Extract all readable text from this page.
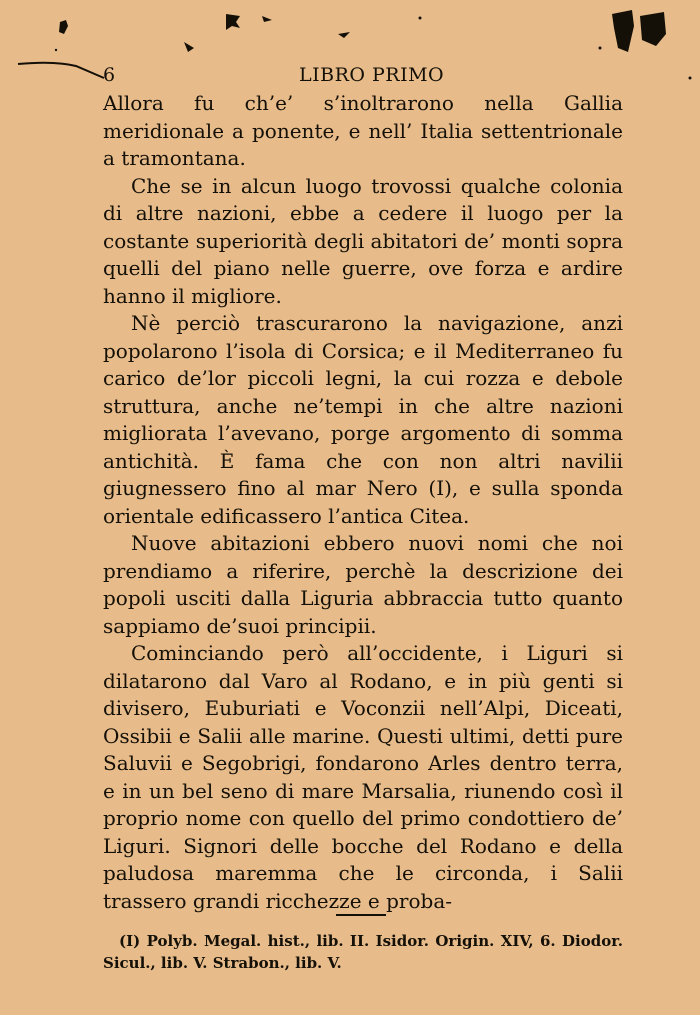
6	LIBRO PRIMO

Allora fu ch’e’ s’inoltrarono nella Gallia meridionale a ponente, e nell’ Italia settentrionale a tramontana.

Che se in alcun luogo trovossi qualche colonia di altre nazioni, ebbe a cedere il luogo per la costante superiorità degli abitatori de’ monti sopra quelli del piano nelle guerre, ove forza e ardire hanno il migliore.

Nè perciò trascurarono la navigazione, anzi popolarono l’isola di Corsica; e il Mediterraneo fu carico de’lor piccoli legni, la cui rozza e debole struttura, anche ne’tempi in che altre nazioni migliorata l’avevano, porge argomento di somma antichità. È fama che con non altri navilii giugnessero fino al mar Nero (I), e sulla sponda orientale edificassero l’antica Citea.

Nuove abitazioni ebbero nuovi nomi che noi prendiamo a riferire, perchè la descrizione dei popoli usciti dalla Liguria abbraccia tutto quanto sappiamo de’suoi principii.

Cominciando però all’occidente, i Liguri si dilatarono dal Varo al Rodano, e in più genti si divisero, Euburiati e Voconzii nell’Alpi, Diceati, Ossibii e Salii alle marine. Questi ultimi, detti pure Saluvii e Segobrigi, fondarono Arles dentro terra, e in un bel seno di mare Marsalia, riunendo così il proprio nome con quello del primo condottiero de’ Liguri. Signori delle bocche del Rodano e della paludosa maremma che le circonda, i Salii trassero grandi ricchezze e proba-

(I) Polyb. Megal. hist., lib. II. Isidor. Origin. XIV, 6. Diodor. Sicul., lib. V. Strabon., lib. V.
